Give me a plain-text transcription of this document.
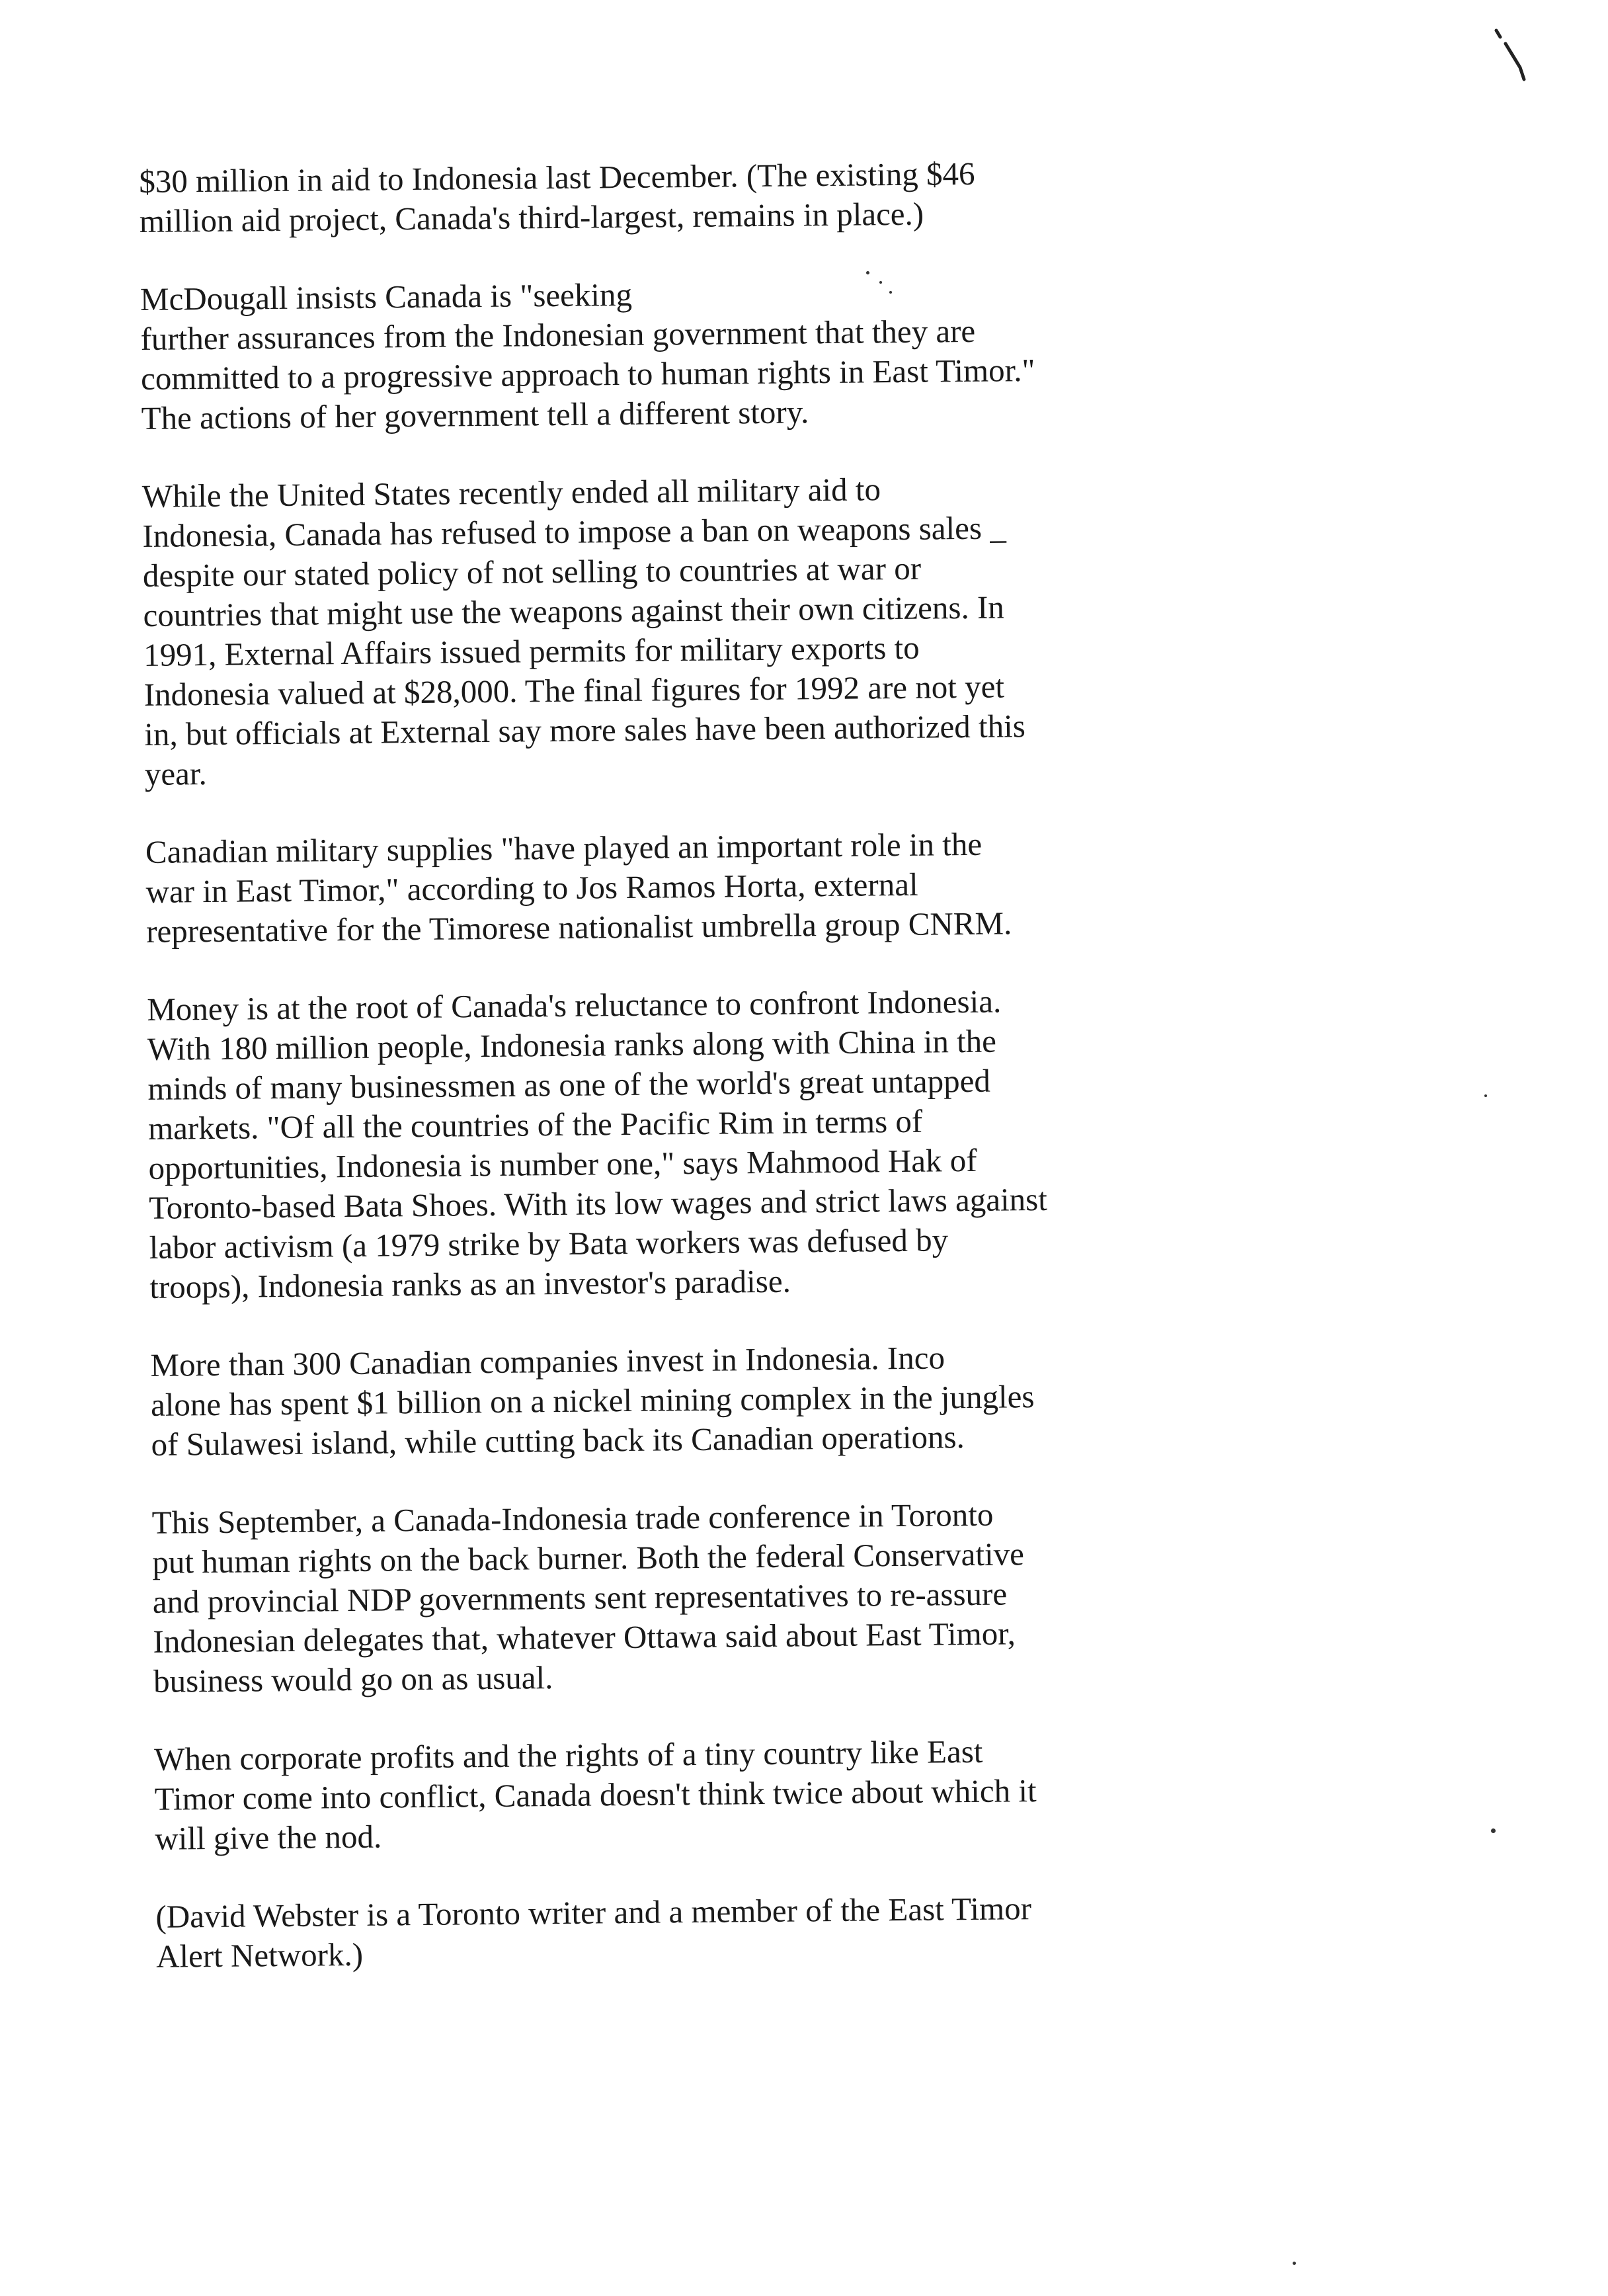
$30 million in aid to Indonesia last December. (The existing $46
million aid project, Canada's third-largest, remains in place.)

McDougall insists Canada is "seeking
further assurances from the Indonesian government that they are
committed to a progressive approach to human rights in East Timor."
The actions of her government tell a different story.

While the United States recently ended all military aid to
Indonesia, Canada has refused to impose a ban on weapons sales _
despite our stated policy of not selling to countries at war or
countries that might use the weapons against their own citizens. In
1991, External Affairs issued permits for military exports to
Indonesia valued at $28,000. The final figures for 1992 are not yet
in, but officials at External say more sales have been authorized this
year.

Canadian military supplies "have played an important role in the
war in East Timor," according to Jos Ramos Horta, external
representative for the Timorese nationalist umbrella group CNRM.

Money is at the root of Canada's reluctance to confront Indonesia.
With 180 million people, Indonesia ranks along with China in the
minds of many businessmen as one of the world's great untapped
markets. "Of all the countries of the Pacific Rim in terms of
opportunities, Indonesia is number one," says Mahmood Hak of
Toronto-based Bata Shoes. With its low wages and strict laws against
labor activism (a 1979 strike by Bata workers was defused by
troops), Indonesia ranks as an investor's paradise.

More than 300 Canadian companies invest in Indonesia. Inco
alone has spent $1 billion on a nickel mining complex in the jungles
of Sulawesi island, while cutting back its Canadian operations.

This September, a Canada-Indonesia trade conference in Toronto
put human rights on the back burner. Both the federal Conservative
and provincial NDP governments sent representatives to re-assure
Indonesian delegates that, whatever Ottawa said about East Timor,
business would go on as usual.

When corporate profits and the rights of a tiny country like East
Timor come into conflict, Canada doesn't think twice about which it
will give the nod.

(David Webster is a Toronto writer and a member of the East Timor
Alert Network.)
